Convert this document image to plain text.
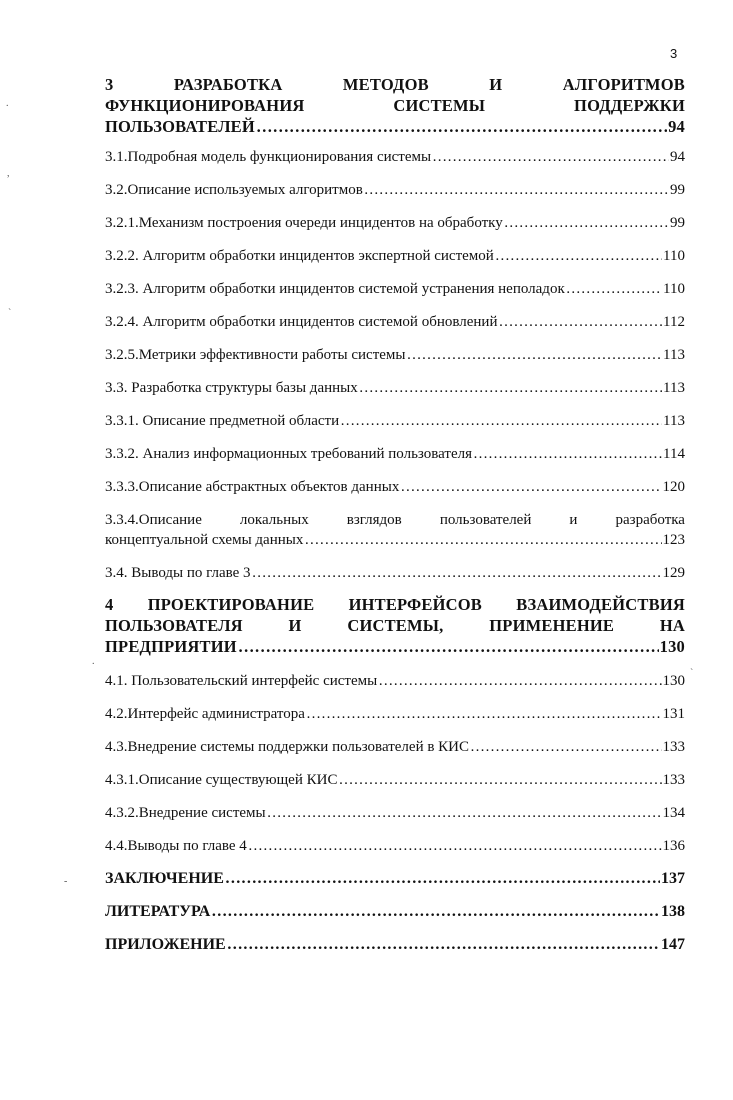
3
3	РАЗРАБОТКА	МЕТОДОВ	И	АЛГОРИТМОВ
ФУНКЦИОНИРОВАНИЯ	СИСТЕМЫ	ПОДДЕРЖКИ
ПОЛЬЗОВАТЕЛЕЙ ……………………………………………………………………………………………………………………………………………………………………	94
3.1.Подробная модель функционирования системы ……………………………………………………………………………………………………………………………………………………………………	94
3.2.Описание используемых алгоритмов ……………………………………………………………………………………………………………………………………………………………………	99
3.2.1.Механизм построения очереди инцидентов на обработку ……………………………………………………………………………………………………………………………………………………………………	99
3.2.2. Алгоритм обработки инцидентов экспертной системой ……………………………………………………………………………………………………………………………………………………………………	110
3.2.3. Алгоритм обработки инцидентов системой устранения неполадок ……………………………………………………………………………………………………………………………………………………………………	110
3.2.4. Алгоритм обработки инцидентов системой обновлений ……………………………………………………………………………………………………………………………………………………………………	112
3.2.5.Метрики эффективности работы системы ……………………………………………………………………………………………………………………………………………………………………	113
3.3. Разработка структуры базы данных ……………………………………………………………………………………………………………………………………………………………………	113
3.3.1. Описание предметной области ……………………………………………………………………………………………………………………………………………………………………	113
3.3.2. Анализ информационных требований пользователя ……………………………………………………………………………………………………………………………………………………………………	114
3.3.3.Описание абстрактных объектов данных ……………………………………………………………………………………………………………………………………………………………………	120
3.3.4.Описание	локальных	взглядов	пользователей	и	разработка
концептуальной схемы данных ……………………………………………………………………………………………………………………………………………………………………	123
3.4. Выводы по главе 3 ……………………………………………………………………………………………………………………………………………………………………	129
4 ПРОЕКТИРОВАНИЕ ИНТЕРФЕЙСОВ ВЗАИМОДЕЙСТВИЯ
ПОЛЬЗОВАТЕЛЯ	И	СИСТЕМЫ,	ПРИМЕНЕНИЕ	НА
ПРЕДПРИЯТИИ ……………………………………………………………………………………………………………………………………………………………………	130
4.1. Пользовательский интерфейс системы ……………………………………………………………………………………………………………………………………………………………………	130
4.2.Интерфейс администратора ……………………………………………………………………………………………………………………………………………………………………	131
4.3.Внедрение системы поддержки пользователей в КИС ……………………………………………………………………………………………………………………………………………………………………	133
4.3.1.Описание существующей КИС ……………………………………………………………………………………………………………………………………………………………………	133
4.3.2.Внедрение системы ……………………………………………………………………………………………………………………………………………………………………	134
4.4.Выводы по главе 4 ……………………………………………………………………………………………………………………………………………………………………	136
ЗАКЛЮЧЕНИЕ ……………………………………………………………………………………………………………………………………………………………………	137
ЛИТЕРАТУРА ……………………………………………………………………………………………………………………………………………………………………	138
ПРИЛОЖЕНИЕ ……………………………………………………………………………………………………………………………………………………………………	147
.
,
`
.
`
-
